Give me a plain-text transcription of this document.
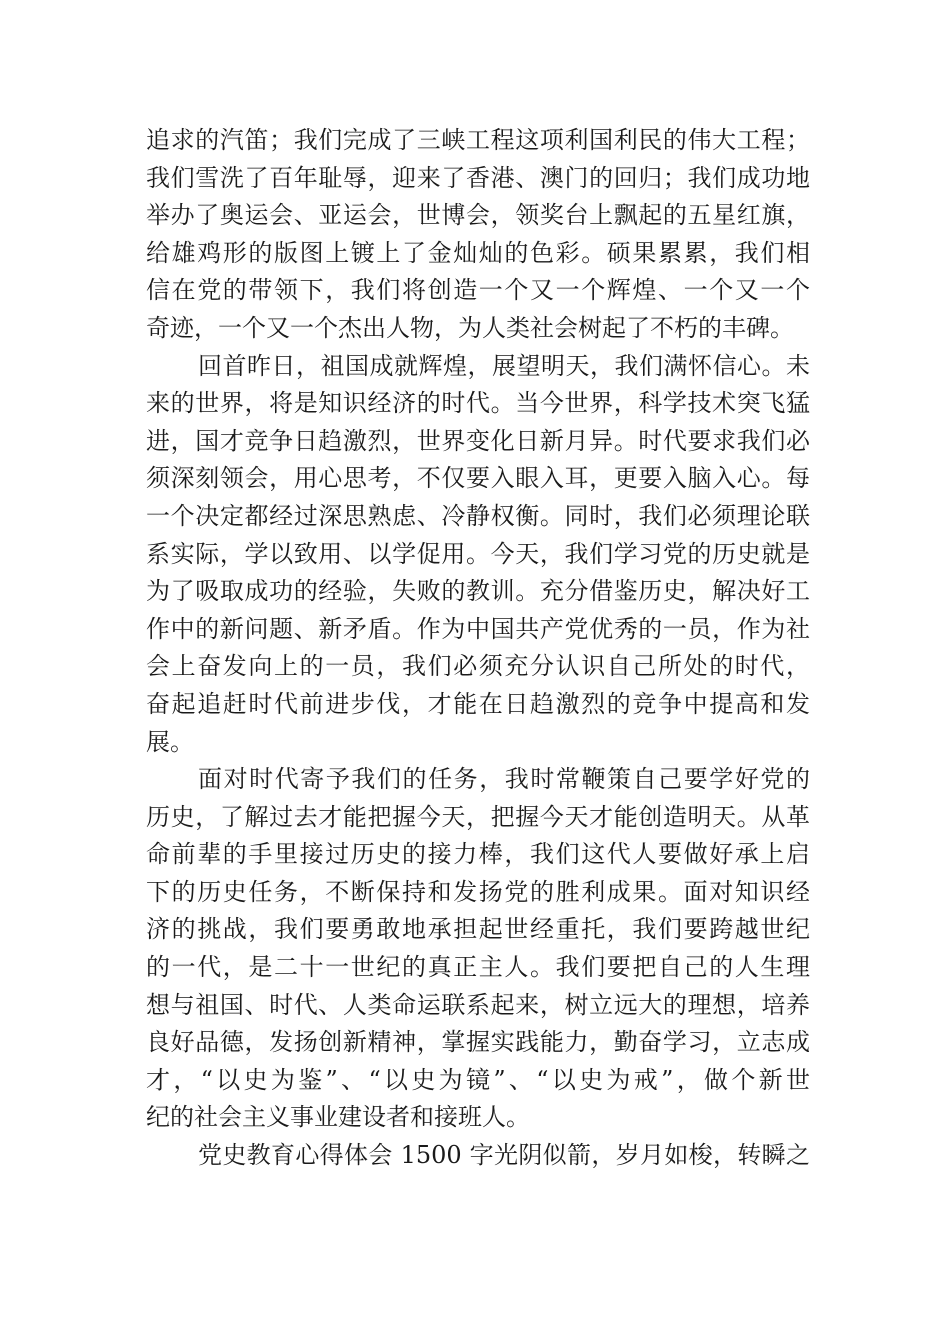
追求的汽笛；我们完成了三峡工程这项利国利民的伟大工程；
我们雪洗了百年耻辱，迎来了香港、澳门的回归；我们成功地
举办了奥运会、亚运会，世博会，领奖台上飘起的五星红旗，
给雄鸡形的版图上镀上了金灿灿的色彩。硕果累累，我们相
信在党的带领下，我们将创造一个又一个辉煌、一个又一个
奇迹，一个又一个杰出人物，为人类社会树起了不朽的丰碑。
回首昨日，祖国成就辉煌，展望明天，我们满怀信心。未
来的世界，将是知识经济的时代。当今世界，科学技术突飞猛
进，国才竞争日趋激烈，世界变化日新月异。时代要求我们必
须深刻领会，用心思考，不仅要入眼入耳，更要入脑入心。每
一个决定都经过深思熟虑、冷静权衡。同时，我们必须理论联
系实际，学以致用、以学促用。今天，我们学习党的历史就是
为了吸取成功的经验，失败的教训。充分借鉴历史，解决好工
作中的新问题、新矛盾。作为中国共产党优秀的一员，作为社
会上奋发向上的一员，我们必须充分认识自己所处的时代，
奋起追赶时代前进步伐，才能在日趋激烈的竞争中提高和发
展。
面对时代寄予我们的任务，我时常鞭策自己要学好党的
历史，了解过去才能把握今天，把握今天才能创造明天。从革
命前辈的手里接过历史的接力棒，我们这代人要做好承上启
下的历史任务，不断保持和发扬党的胜利成果。面对知识经
济的挑战，我们要勇敢地承担起世经重托，我们要跨越世纪
的一代，是二十一世纪的真正主人。我们要把自己的人生理
想与祖国、时代、人类命运联系起来，树立远大的理想，培养
良好品德，发扬创新精神，掌握实践能力，勤奋学习，立志成
才，“以史为鉴”、“以史为镜”、“以史为戒”，做个新世
纪的社会主义事业建设者和接班人。
党史教育心得体会 1500 字光阴似箭，岁月如梭，转瞬之
